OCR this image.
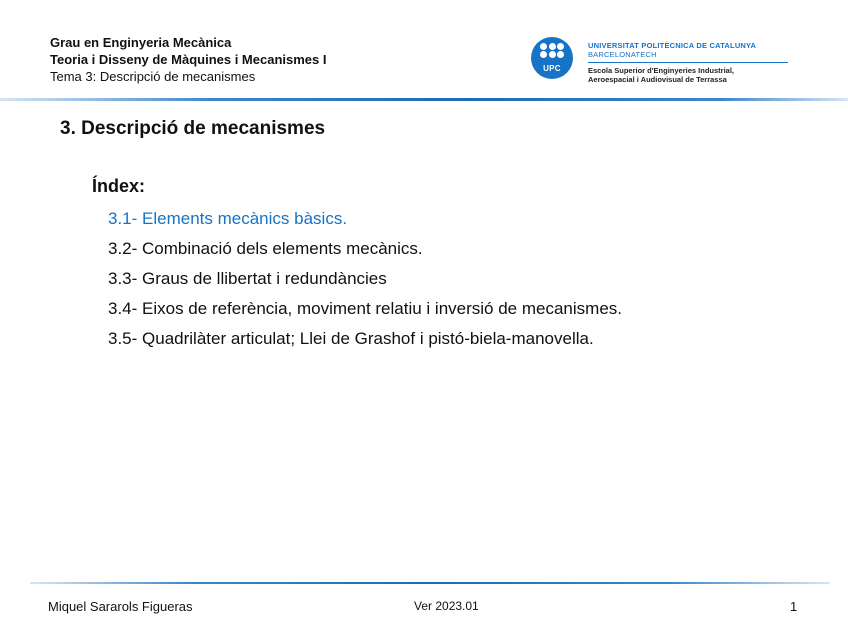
Grau en Enginyeria Mecànica
Teoria i Disseny de Màquines i Mecanismes I
Tema 3: Descripció de mecanismes
UPC
UNIVERSITAT POLITÈCNICA DE CATALUNYA
BARCELONATECH
Escola Superior d'Enginyeries Industrial,
Aeroespacial i Audiovisual de Terrassa
3. Descripció de mecanismes
Índex:
3.1- Elements mecànics bàsics.
3.2- Combinació dels elements mecànics.
3.3- Graus de llibertat i redundàncies
3.4- Eixos de referència, moviment relatiu i inversió de mecanismes.
3.5- Quadrilàter articulat; Llei de Grashof i pistó-biela-manovella.
Miquel Sararols Figueras	Ver 2023.01	1
